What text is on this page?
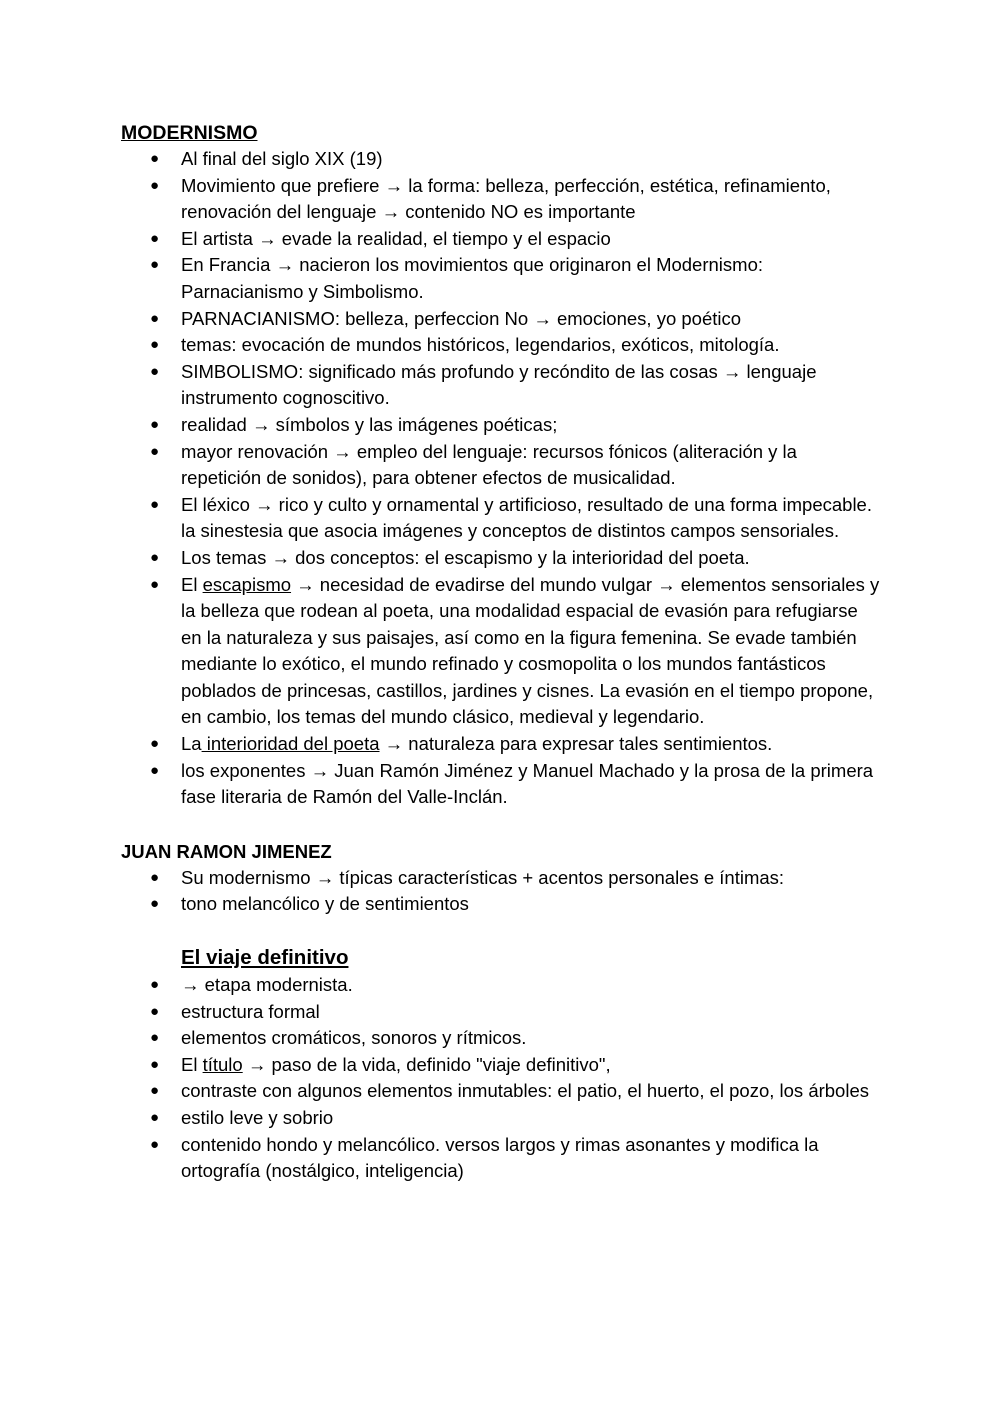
MODERNISMO
● Al final del siglo XIX (19)
● Movimiento que prefiere → la forma: belleza, perfección, estética, refinamiento, renovación del lenguaje → contenido NO es importante
● El artista → evade la realidad, el tiempo y el espacio
● En Francia → nacieron los movimientos que originaron el Modernismo: Parnacianismo y Simbolismo.
● PARNACIANISMO: belleza, perfeccion No → emociones, yo poético
● temas: evocación de mundos históricos, legendarios, exóticos, mitología.
● SIMBOLISMO: significado más profundo y recóndito de las cosas → lenguaje instrumento cognoscitivo.
● realidad → símbolos y las imágenes poéticas;
● mayor renovación → empleo del lenguaje: recursos fónicos (aliteración y la repetición de sonidos), para obtener efectos de musicalidad.
● El léxico → rico y culto y ornamental y artificioso, resultado de una forma impecable. la sinestesia que asocia imágenes y conceptos de distintos campos sensoriales.
● Los temas → dos conceptos: el escapismo y la interioridad del poeta.
● El escapismo → necesidad de evadirse del mundo vulgar → elementos sensoriales y la belleza que rodean al poeta, una modalidad espacial de evasión para refugiarse en la naturaleza y sus paisajes, así como en la figura femenina. Se evade también mediante lo exótico, el mundo refinado y cosmopolita o los mundos fantásticos poblados de princesas, castillos, jardines y cisnes. La evasión en el tiempo propone, en cambio, los temas del mundo clásico, medieval y legendario.
● La interioridad del poeta → naturaleza para expresar tales sentimientos.
● los exponentes → Juan Ramón Jiménez y Manuel Machado y la prosa de la primera fase literaria de Ramón del Valle-Inclán.
JUAN RAMON JIMENEZ
● Su modernismo → típicas características + acentos personales e íntimas:
● tono melancólico y de sentimientos
El viaje definitivo
● → etapa modernista.
● estructura formal
● elementos cromáticos, sonoros y rítmicos.
● El título → paso de la vida, definido "viaje definitivo",
● contraste con algunos elementos inmutables: el patio, el huerto, el pozo, los árboles
● estilo leve y sobrio
● contenido hondo y melancólico. versos largos y rimas asonantes y modifica la ortografía (nostálgico, inteligencia)
